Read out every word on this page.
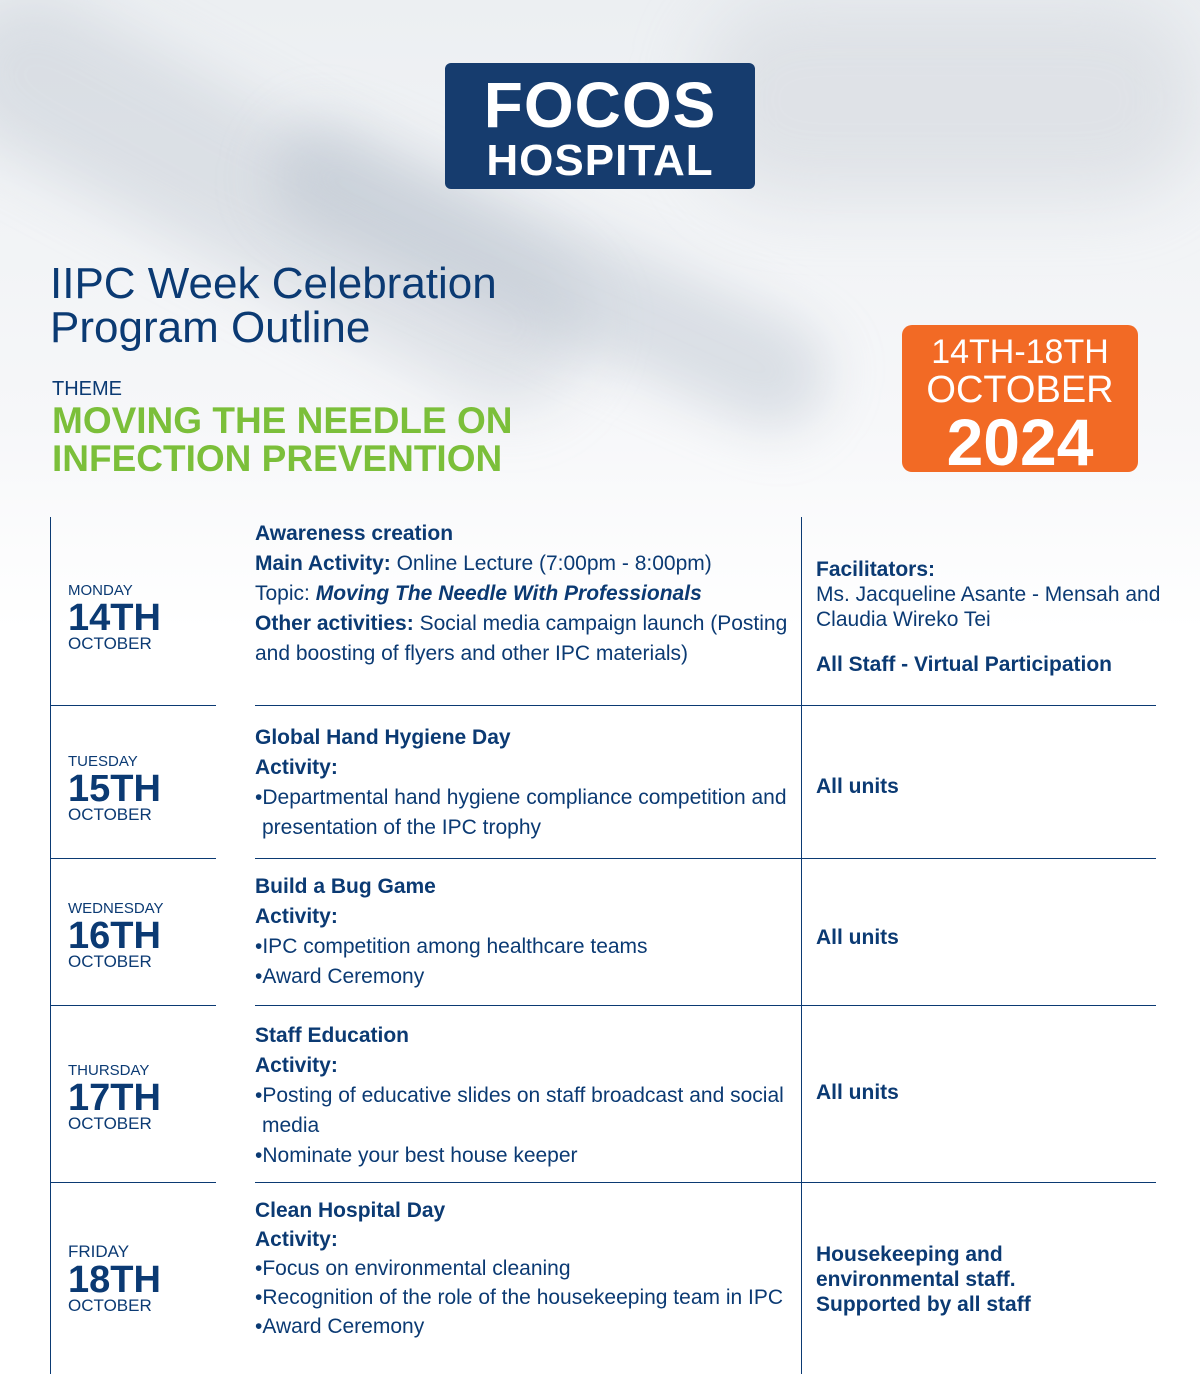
FOCOS
HOSPITAL
IIPC Week Celebration
Program Outline
THEME
MOVING THE NEEDLE ON
INFECTION PREVENTION
14TH-18TH
OCTOBER
2024
MONDAY
14TH
OCTOBER
Awareness creation
Main Activity: Online Lecture (7:00pm - 8:00pm)
Topic: Moving The Needle With Professionals
Other activities: Social media campaign launch (Posting and boosting of flyers and other IPC materials)
Facilitators:
Ms. Jacqueline Asante - Mensah and Claudia Wireko Tei
All Staff - Virtual Participation
TUESDAY
15TH
OCTOBER
Global Hand Hygiene Day
Activity:
•Departmental hand hygiene compliance competition and presentation of the IPC trophy
All units
WEDNESDAY
16TH
OCTOBER
Build a Bug Game
Activity:
•IPC competition among healthcare teams
•Award Ceremony
All units
THURSDAY
17TH
OCTOBER
Staff Education
Activity:
•Posting of educative slides on staff broadcast and social media
•Nominate your best house keeper
All units
FRIDAY
18TH
OCTOBER
Clean Hospital Day
Activity:
•Focus on environmental cleaning
•Recognition of the role of the housekeeping team in IPC
•Award Ceremony
Housekeeping and environmental staff. Supported by all staff
